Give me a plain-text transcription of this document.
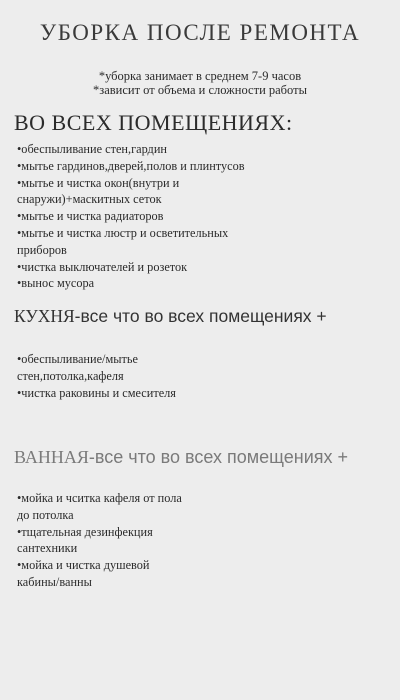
УБОРКА ПОСЛЕ РЕМОНТА
*уборка занимает в среднем 7-9 часов
*зависит от объема и сложности работы
ВО ВСЕХ ПОМЕЩЕНИЯХ:
•обеспыливание стен,гардин
•мытье гардинов,дверей,полов и плинтусов
•мытье и чистка окон(внутри и
снаружи)+маскитных сеток
•мытье и чистка радиаторов
•мытье и чистка люстр и осветительных
приборов
•чистка выключателей и розеток
•вынос мусора
КУХНЯ-все что во всех помещениях +
•обеспыливание/мытье
стен,потолка,кафеля
•чистка раковины и смесителя
ВАННАЯ-все что во всех помещениях +
•мойка и чситка кафеля от пола
до потолка
•тщательная дезинфекция
сантехники
•мойка и чистка душевой
кабины/ванны
